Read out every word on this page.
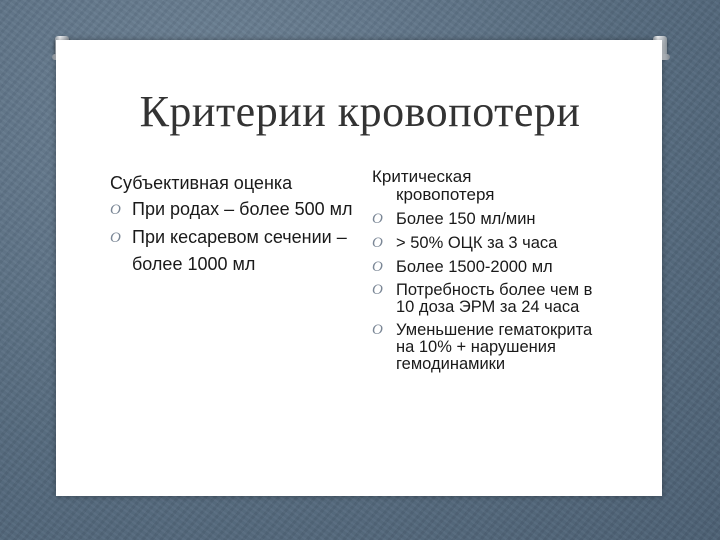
Критерии кровопотери
Субъективная оценка
O При родах – более 500 мл
O При кесаревом сечении – более 1000 мл
Критическая
кровопотеря
O Более 150 мл/мин
O > 50% ОЦК за 3 часа
O Более 1500-2000 мл
O Потребность более чем в 10 доза ЭРМ за 24 часа
O Уменьшение гематокрита на 10% + нарушения гемодинамики
